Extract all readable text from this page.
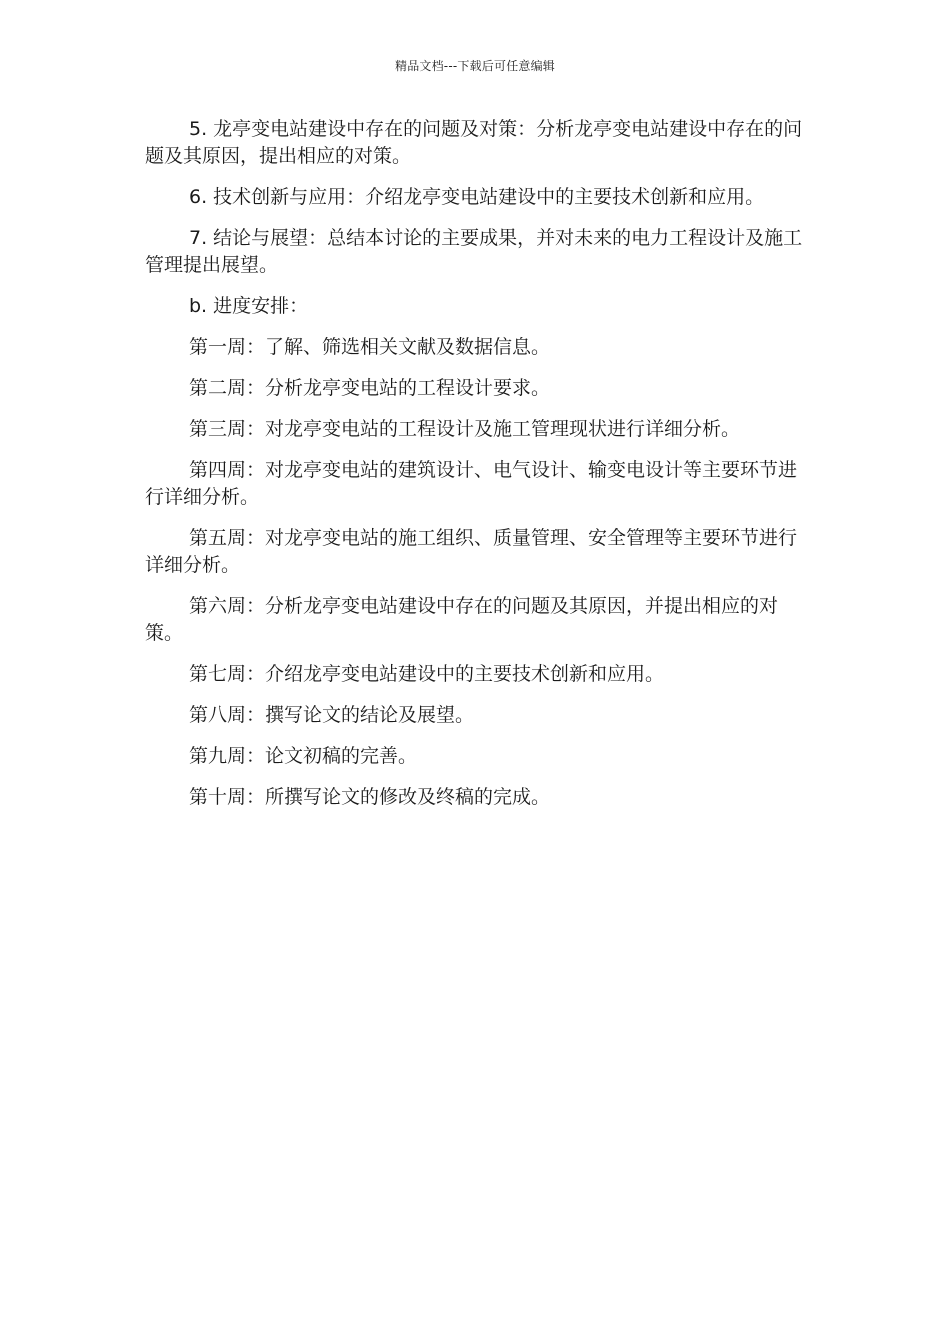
精品文档---下载后可任意编辑

5. 龙亭变电站建设中存在的问题及对策：分析龙亭变电站建设中存在的问题及其原因，提出相应的对策。

6. 技术创新与应用：介绍龙亭变电站建设中的主要技术创新和应用。

7. 结论与展望：总结本讨论的主要成果，并对未来的电力工程设计及施工管理提出展望。

b. 进度安排：

第一周：了解、筛选相关文献及数据信息。

第二周：分析龙亭变电站的工程设计要求。

第三周：对龙亭变电站的工程设计及施工管理现状进行详细分析。

第四周：对龙亭变电站的建筑设计、电气设计、输变电设计等主要环节进行详细分析。

第五周：对龙亭变电站的施工组织、质量管理、安全管理等主要环节进行详细分析。

第六周：分析龙亭变电站建设中存在的问题及其原因，并提出相应的对策。

第七周：介绍龙亭变电站建设中的主要技术创新和应用。

第八周：撰写论文的结论及展望。

第九周：论文初稿的完善。

第十周：所撰写论文的修改及终稿的完成。
